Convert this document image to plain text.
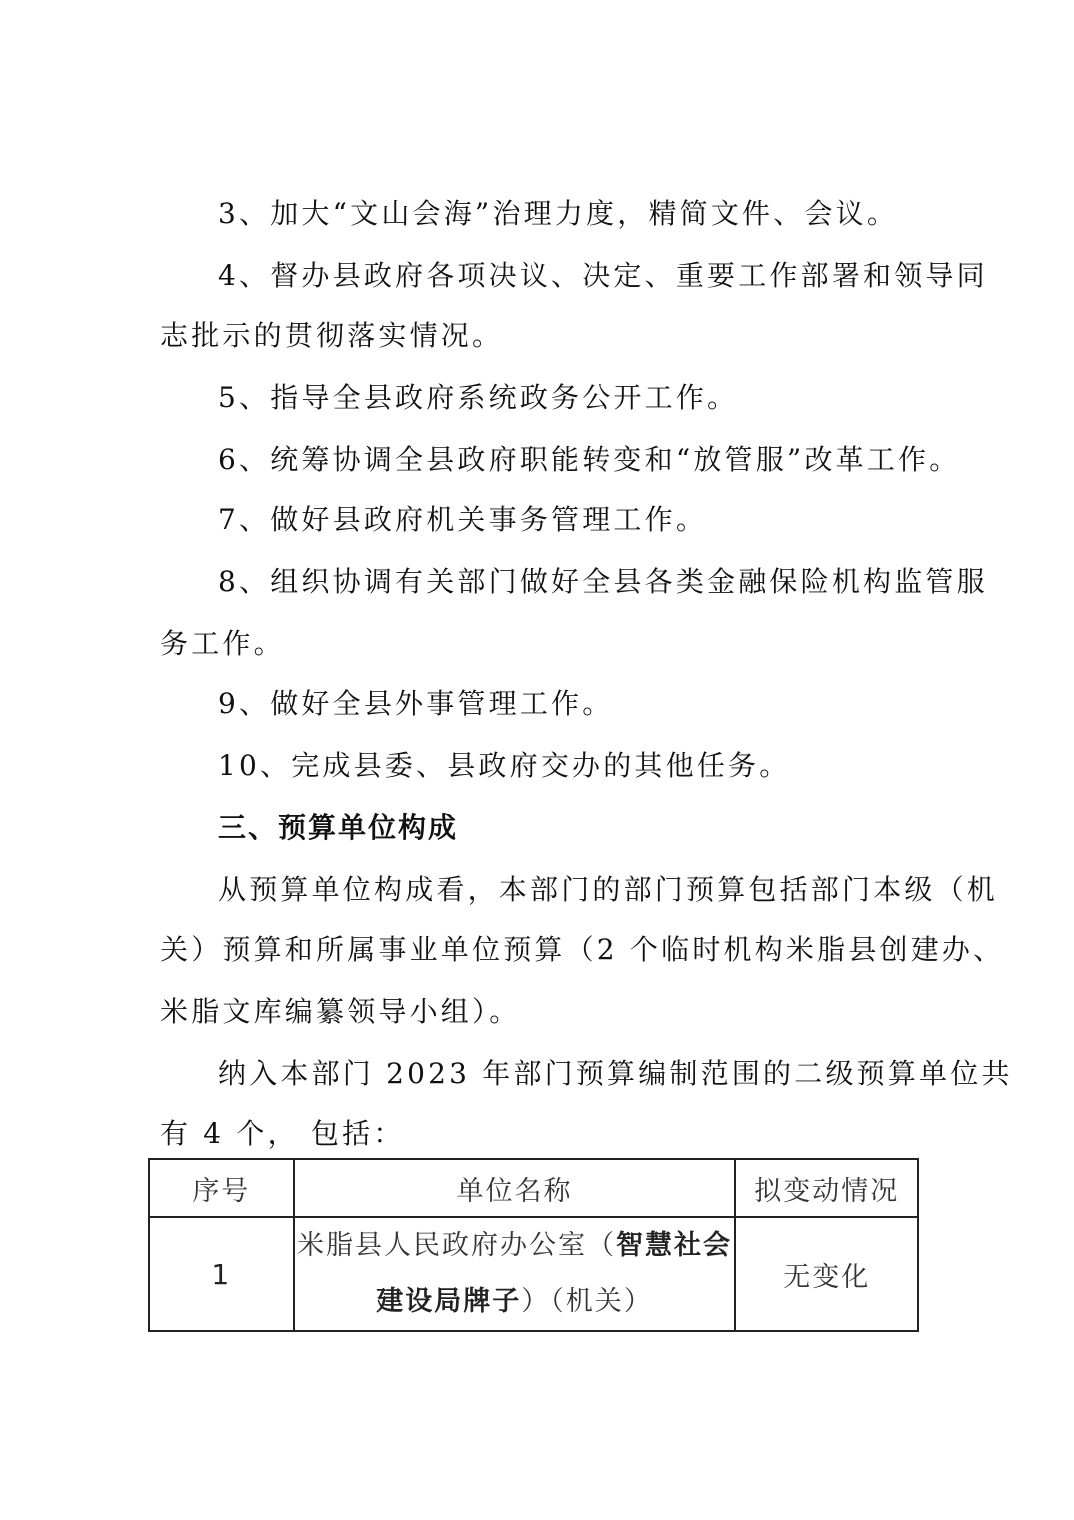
3、加大“文山会海”治理力度，精简文件、会议。
4、督办县政府各项决议、决定、重要工作部署和领导同
志批示的贯彻落实情况。
5、指导全县政府系统政务公开工作。
6、统筹协调全县政府职能转变和“放管服”改革工作。
7、做好县政府机关事务管理工作。
8、组织协调有关部门做好全县各类金融保险机构监管服
务工作。
9、做好全县外事管理工作。
10、完成县委、县政府交办的其他任务。
三、预算单位构成
从预算单位构成看，本部门的部门预算包括部门本级（机
关）预算和所属事业单位预算（2 个临时机构米脂县创建办、
米脂文库编纂领导小组）。
纳入本部门 2023 年部门预算编制范围的二级预算单位共
有 4 个， 包括：
序号	单位名称	拟变动情况
1	米脂县人民政府办公室（智慧社会
建设局牌子）（机关）	无变化
